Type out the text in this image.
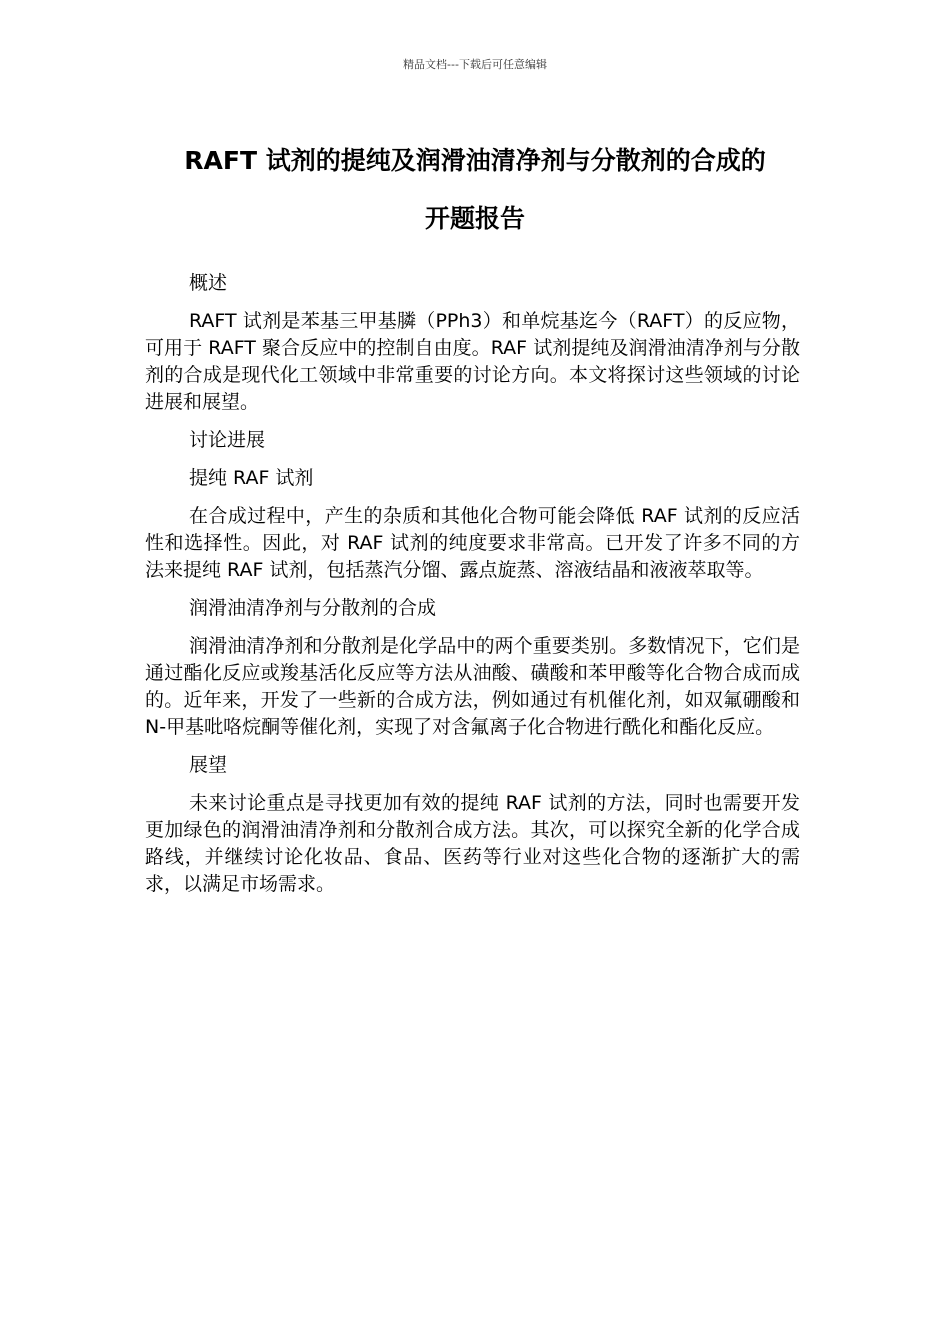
精品文档---下载后可任意编辑
RAFT 试剂的提纯及润滑油清净剂与分散剂的合成的
开题报告

概述

RAFT 试剂是苯基三甲基膦（PPh3）和单烷基迄今（RAFT）的反应物，可用于 RAFT 聚合反应中的控制自由度。RAF 试剂提纯及润滑油清净剂与分散剂的合成是现代化工领域中非常重要的讨论方向。本文将探讨这些领域的讨论进展和展望。

讨论进展

提纯 RAF 试剂

在合成过程中，产生的杂质和其他化合物可能会降低 RAF 试剂的反应活性和选择性。因此，对 RAF 试剂的纯度要求非常高。已开发了许多不同的方法来提纯 RAF 试剂，包括蒸汽分馏、露点旋蒸、溶液结晶和液液萃取等。

润滑油清净剂与分散剂的合成

润滑油清净剂和分散剂是化学品中的两个重要类别。多数情况下，它们是通过酯化反应或羧基活化反应等方法从油酸、磺酸和苯甲酸等化合物合成而成的。近年来，开发了一些新的合成方法，例如通过有机催化剂，如双氟硼酸和 N-甲基吡咯烷酮等催化剂，实现了对含氟离子化合物进行酰化和酯化反应。

展望

未来讨论重点是寻找更加有效的提纯 RAF 试剂的方法，同时也需要开发更加绿色的润滑油清净剂和分散剂合成方法。其次，可以探究全新的化学合成路线，并继续讨论化妆品、食品、医药等行业对这些化合物的逐渐扩大的需求，以满足市场需求。
